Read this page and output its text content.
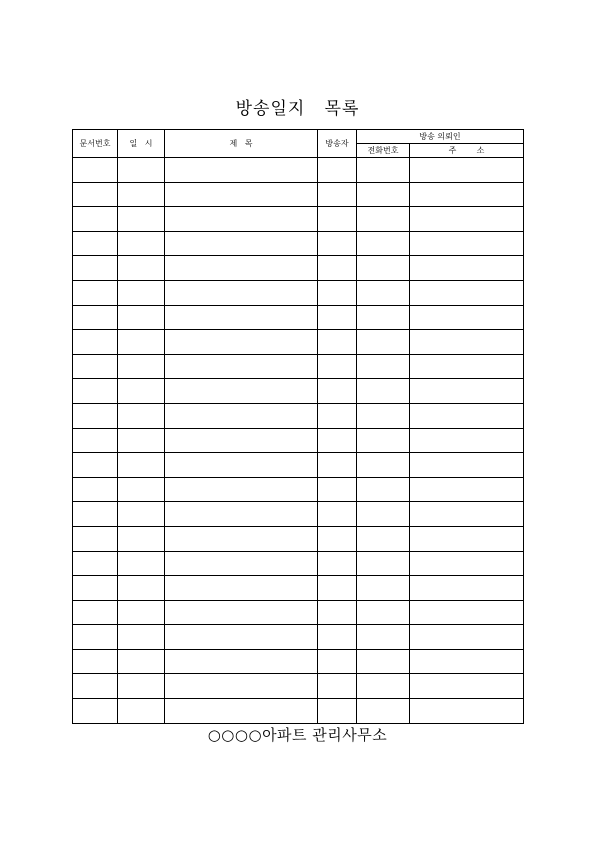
방송일지   목록
문서번호	일   시	제   목	방송자	방송 의뢰인	
				전화번호	주        소

○○○○아파트 관리사무소
